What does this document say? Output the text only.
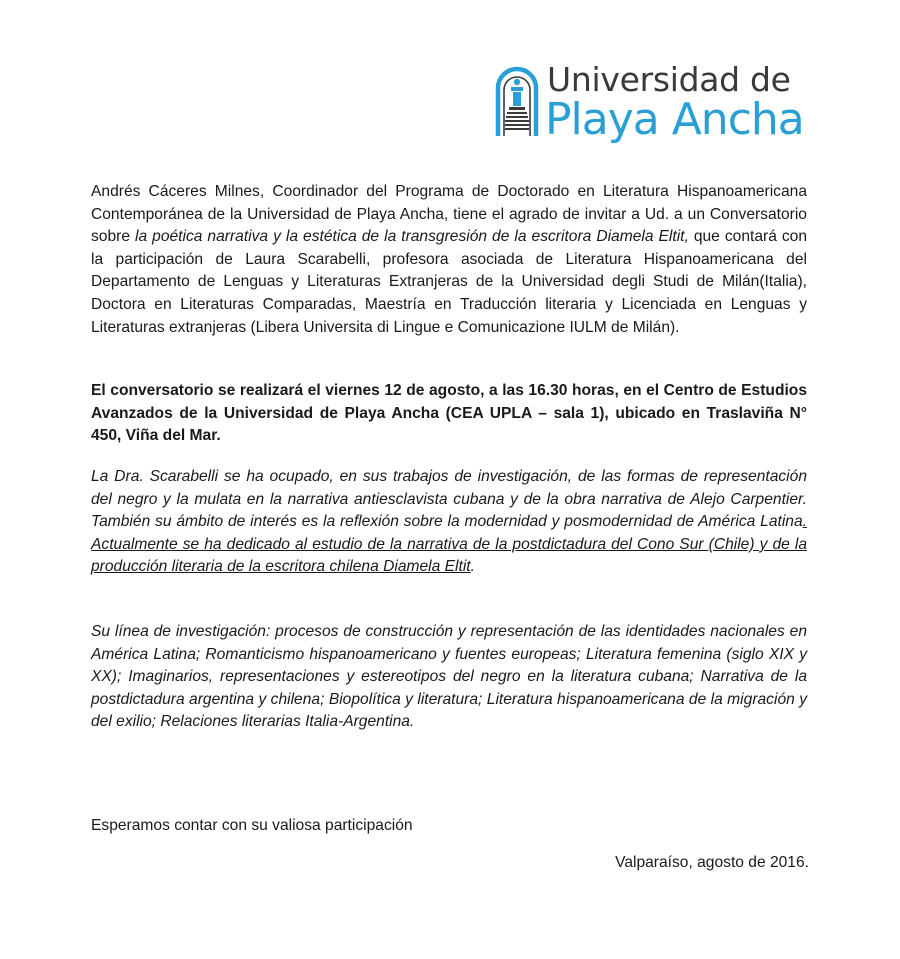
Universidad de
Playa Ancha
Andrés Cáceres Milnes, Coordinador del Programa de Doctorado en Literatura Hispanoamericana Contemporánea de la Universidad de Playa Ancha, tiene el agrado de invitar a Ud. a un Conversatorio sobre la poética narrativa y la estética de la transgresión de la escritora Diamela Eltit, que contará con la participación de Laura Scarabelli, profesora asociada de Literatura Hispanoamericana del Departamento de Lenguas y Literaturas Extranjeras de la Universidad degli Studi de Milán(Italia), Doctora en Literaturas Comparadas, Maestría en Traducción literaria y Licenciada en Lenguas y Literaturas extranjeras (Libera Universita di Lingue e Comunicazione IULM de Milán).
El conversatorio se realizará el viernes 12 de agosto, a las 16.30 horas, en el Centro de Estudios Avanzados de la Universidad de Playa Ancha (CEA UPLA – sala 1), ubicado en Traslaviña N° 450, Viña del Mar.
La Dra. Scarabelli se ha ocupado, en sus trabajos de investigación, de las formas de representación del negro y la mulata en la narrativa antiesclavista cubana y de la obra narrativa de Alejo Carpentier. También su ámbito de interés es la reflexión sobre la modernidad y posmodernidad de América Latina. Actualmente se ha dedicado al estudio de la narrativa de la postdictadura del Cono Sur (Chile) y de la producción literaria de la escritora chilena Diamela Eltit.
Su línea de investigación: procesos de construcción y representación de las identidades nacionales en América Latina; Romanticismo hispanoamericano y fuentes europeas; Literatura femenina (siglo XIX y XX); Imaginarios, representaciones y estereotipos del negro en la literatura cubana; Narrativa de la postdictadura argentina y chilena; Biopolítica y literatura; Literatura hispanoamericana de la migración y del exilio; Relaciones literarias Italia-Argentina.
Esperamos contar con su valiosa participación
Valparaíso, agosto de 2016.
